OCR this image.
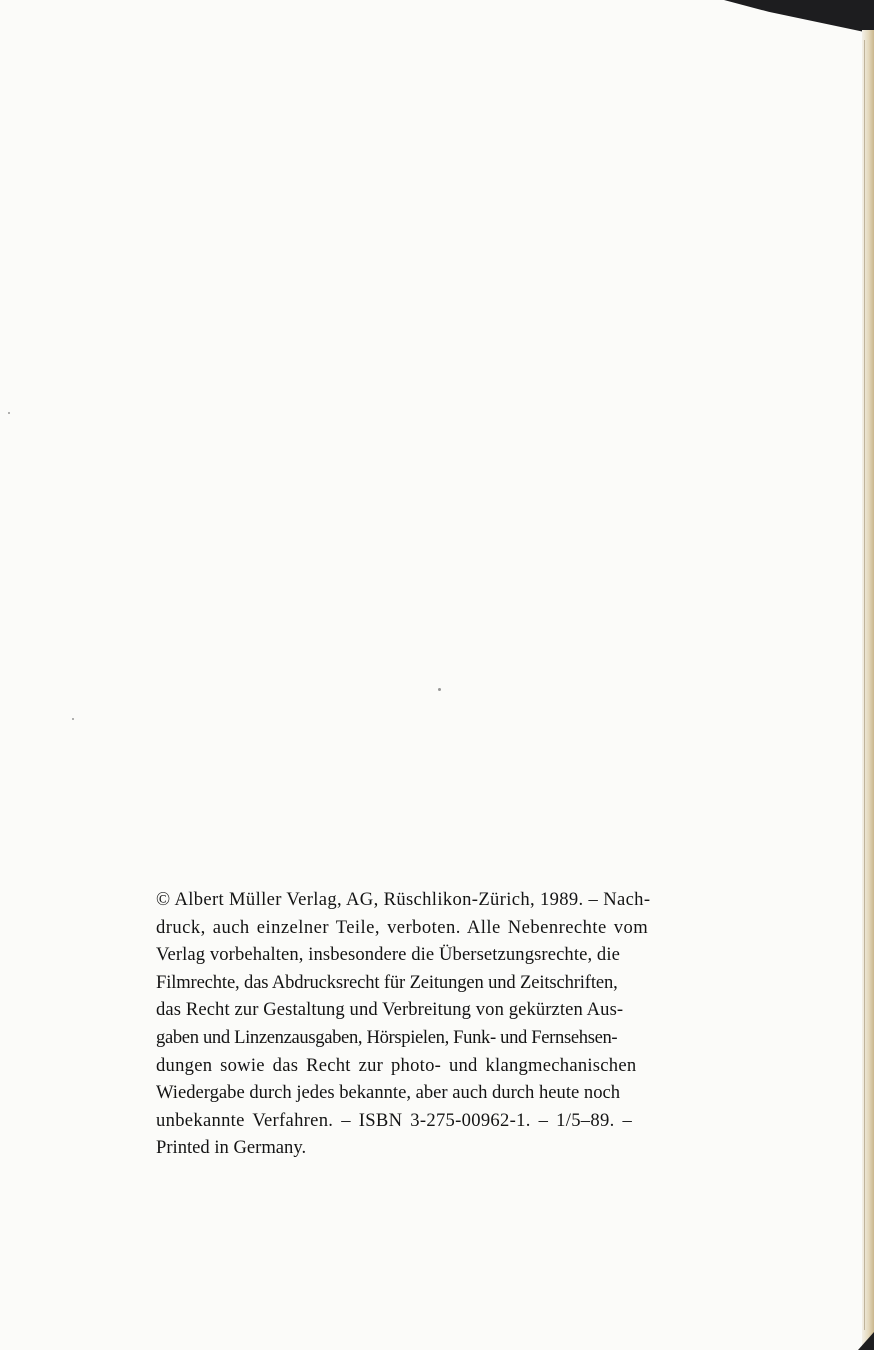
© Albert Müller Verlag, AG, Rüschlikon-Zürich, 1989. – Nach-
druck, auch einzelner Teile, verboten. Alle Nebenrechte vom
Verlag vorbehalten, insbesondere die Übersetzungsrechte, die
Filmrechte, das Abdrucksrecht für Zeitungen und Zeitschriften,
das Recht zur Gestaltung und Verbreitung von gekürzten Aus-
gaben und Linzenzausgaben, Hörspielen, Funk- und Fernsehsen-
dungen sowie das Recht zur photo- und klangmechanischen
Wiedergabe durch jedes bekannte, aber auch durch heute noch
unbekannte Verfahren. – ISBN 3-275-00962-1. – 1/5–89. –
Printed in Germany.
